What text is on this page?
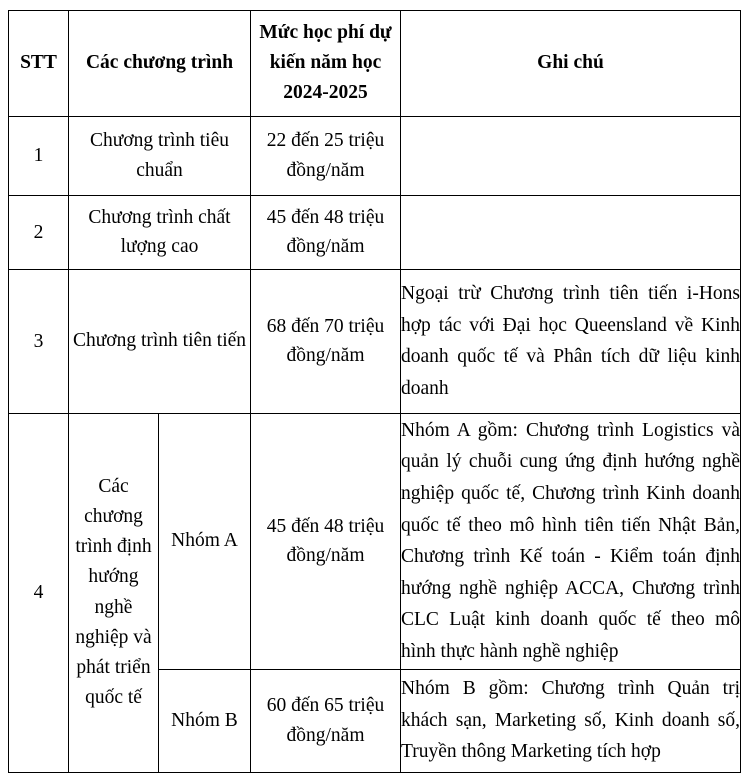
STT	Các chương trình		Mức học phí dự kiến năm học 2024-2025	Ghi chú
1	Chương trình tiêu chuẩn		22 đến 25 triệu đồng/năm	
2	Chương trình chất lượng cao		45 đến 48 triệu đồng/năm	
3	Chương trình tiên tiến		68 đến 70 triệu đồng/năm	Ngoại trừ Chương trình tiên tiến i-Hons hợp tác với Đại học Queensland về Kinh doanh quốc tế và Phân tích dữ liệu kinh doanh
4	Các chương trình định hướng nghề nghiệp và phát triển quốc tế	Nhóm A	45 đến 48 triệu đồng/năm	Nhóm A gồm: Chương trình Logistics và quản lý chuỗi cung ứng định hướng nghề nghiệp quốc tế, Chương trình Kinh doanh quốc tế theo mô hình tiên tiến Nhật Bản, Chương trình Kế toán - Kiểm toán định hướng nghề nghiệp ACCA, Chương trình CLC Luật kinh doanh quốc tế theo mô hình thực hành nghề nghiệp
		Nhóm B	60 đến 65 triệu đồng/năm	Nhóm B gồm: Chương trình Quản trị khách sạn, Marketing số, Kinh doanh số, Truyền thông Marketing tích hợp
